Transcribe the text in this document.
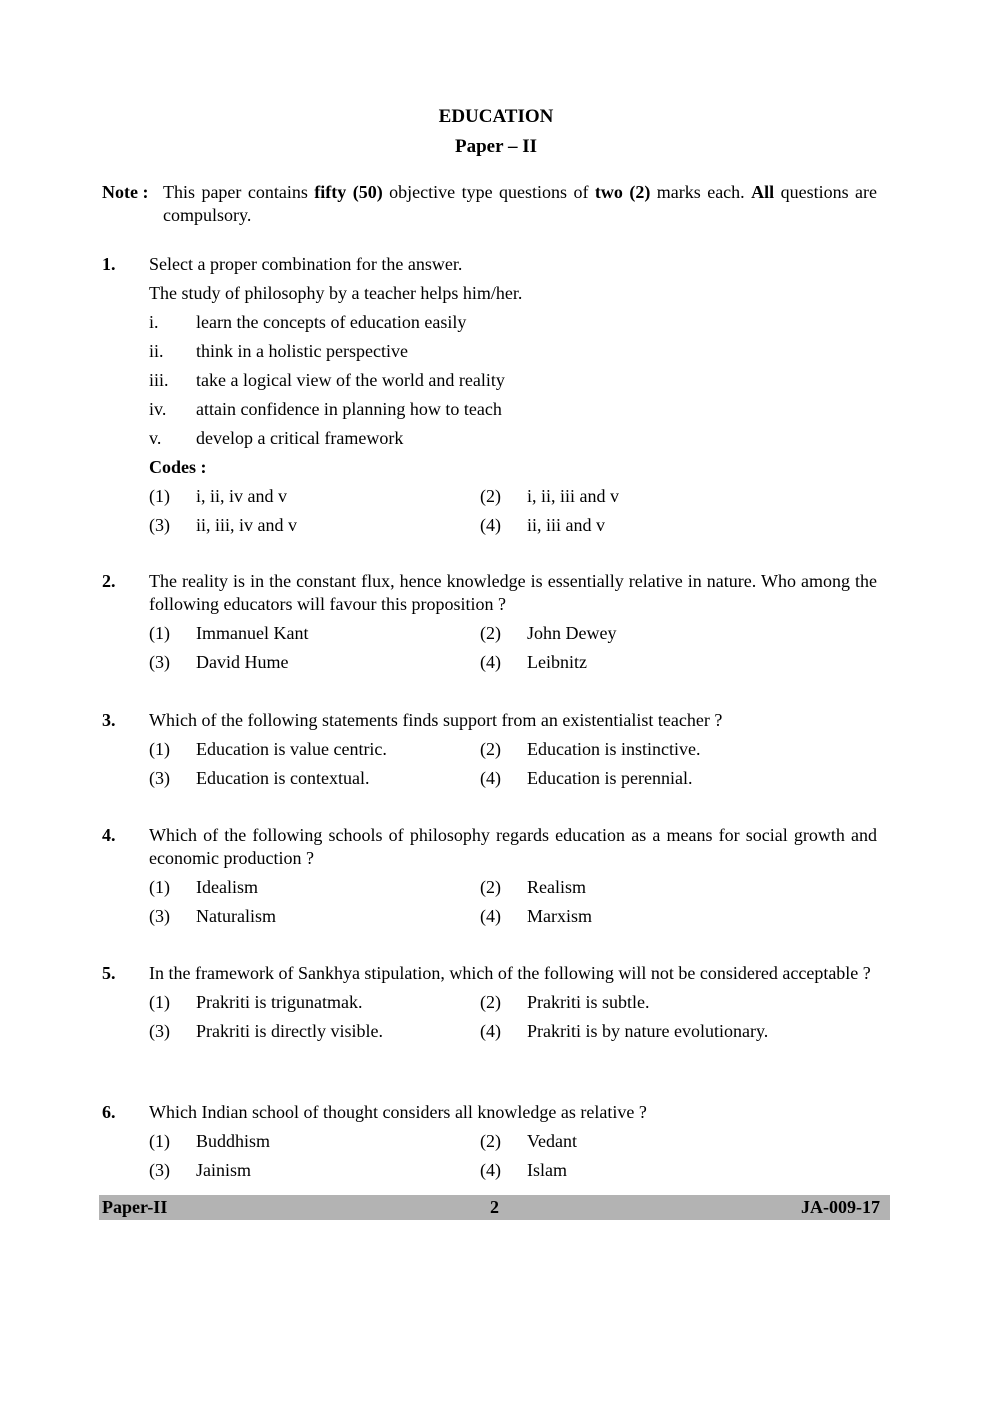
EDUCATION
Paper – II
Note : This paper contains fifty (50) objective type questions of two (2) marks each. All questions are compulsory.
1. Select a proper combination for the answer.
The study of philosophy by a teacher helps him/her.
i. learn the concepts of education easily
ii. think in a holistic perspective
iii. take a logical view of the world and reality
iv. attain confidence in planning how to teach
v. develop a critical framework
Codes :
(1) i, ii, iv and v	(2) i, ii, iii and v
(3) ii, iii, iv and v	(4) ii, iii and v
2. The reality is in the constant flux, hence knowledge is essentially relative in nature. Who among the following educators will favour this proposition ?
(1) Immanuel Kant	(2) John Dewey
(3) David Hume	(4) Leibnitz
3. Which of the following statements finds support from an existentialist teacher ?
(1) Education is value centric.	(2) Education is instinctive.
(3) Education is contextual.	(4) Education is perennial.
4. Which of the following schools of philosophy regards education as a means for social growth and economic production ?
(1) Idealism	(2) Realism
(3) Naturalism	(4) Marxism
5. In the framework of Sankhya stipulation, which of the following will not be considered acceptable ?
(1) Prakriti is trigunatmak.	(2) Prakriti is subtle.
(3) Prakriti is directly visible.	(4) Prakriti is by nature evolutionary.
6. Which Indian school of thought considers all knowledge as relative ?
(1) Buddhism	(2) Vedant
(3) Jainism	(4) Islam
Paper-II	2	JA-009-17
